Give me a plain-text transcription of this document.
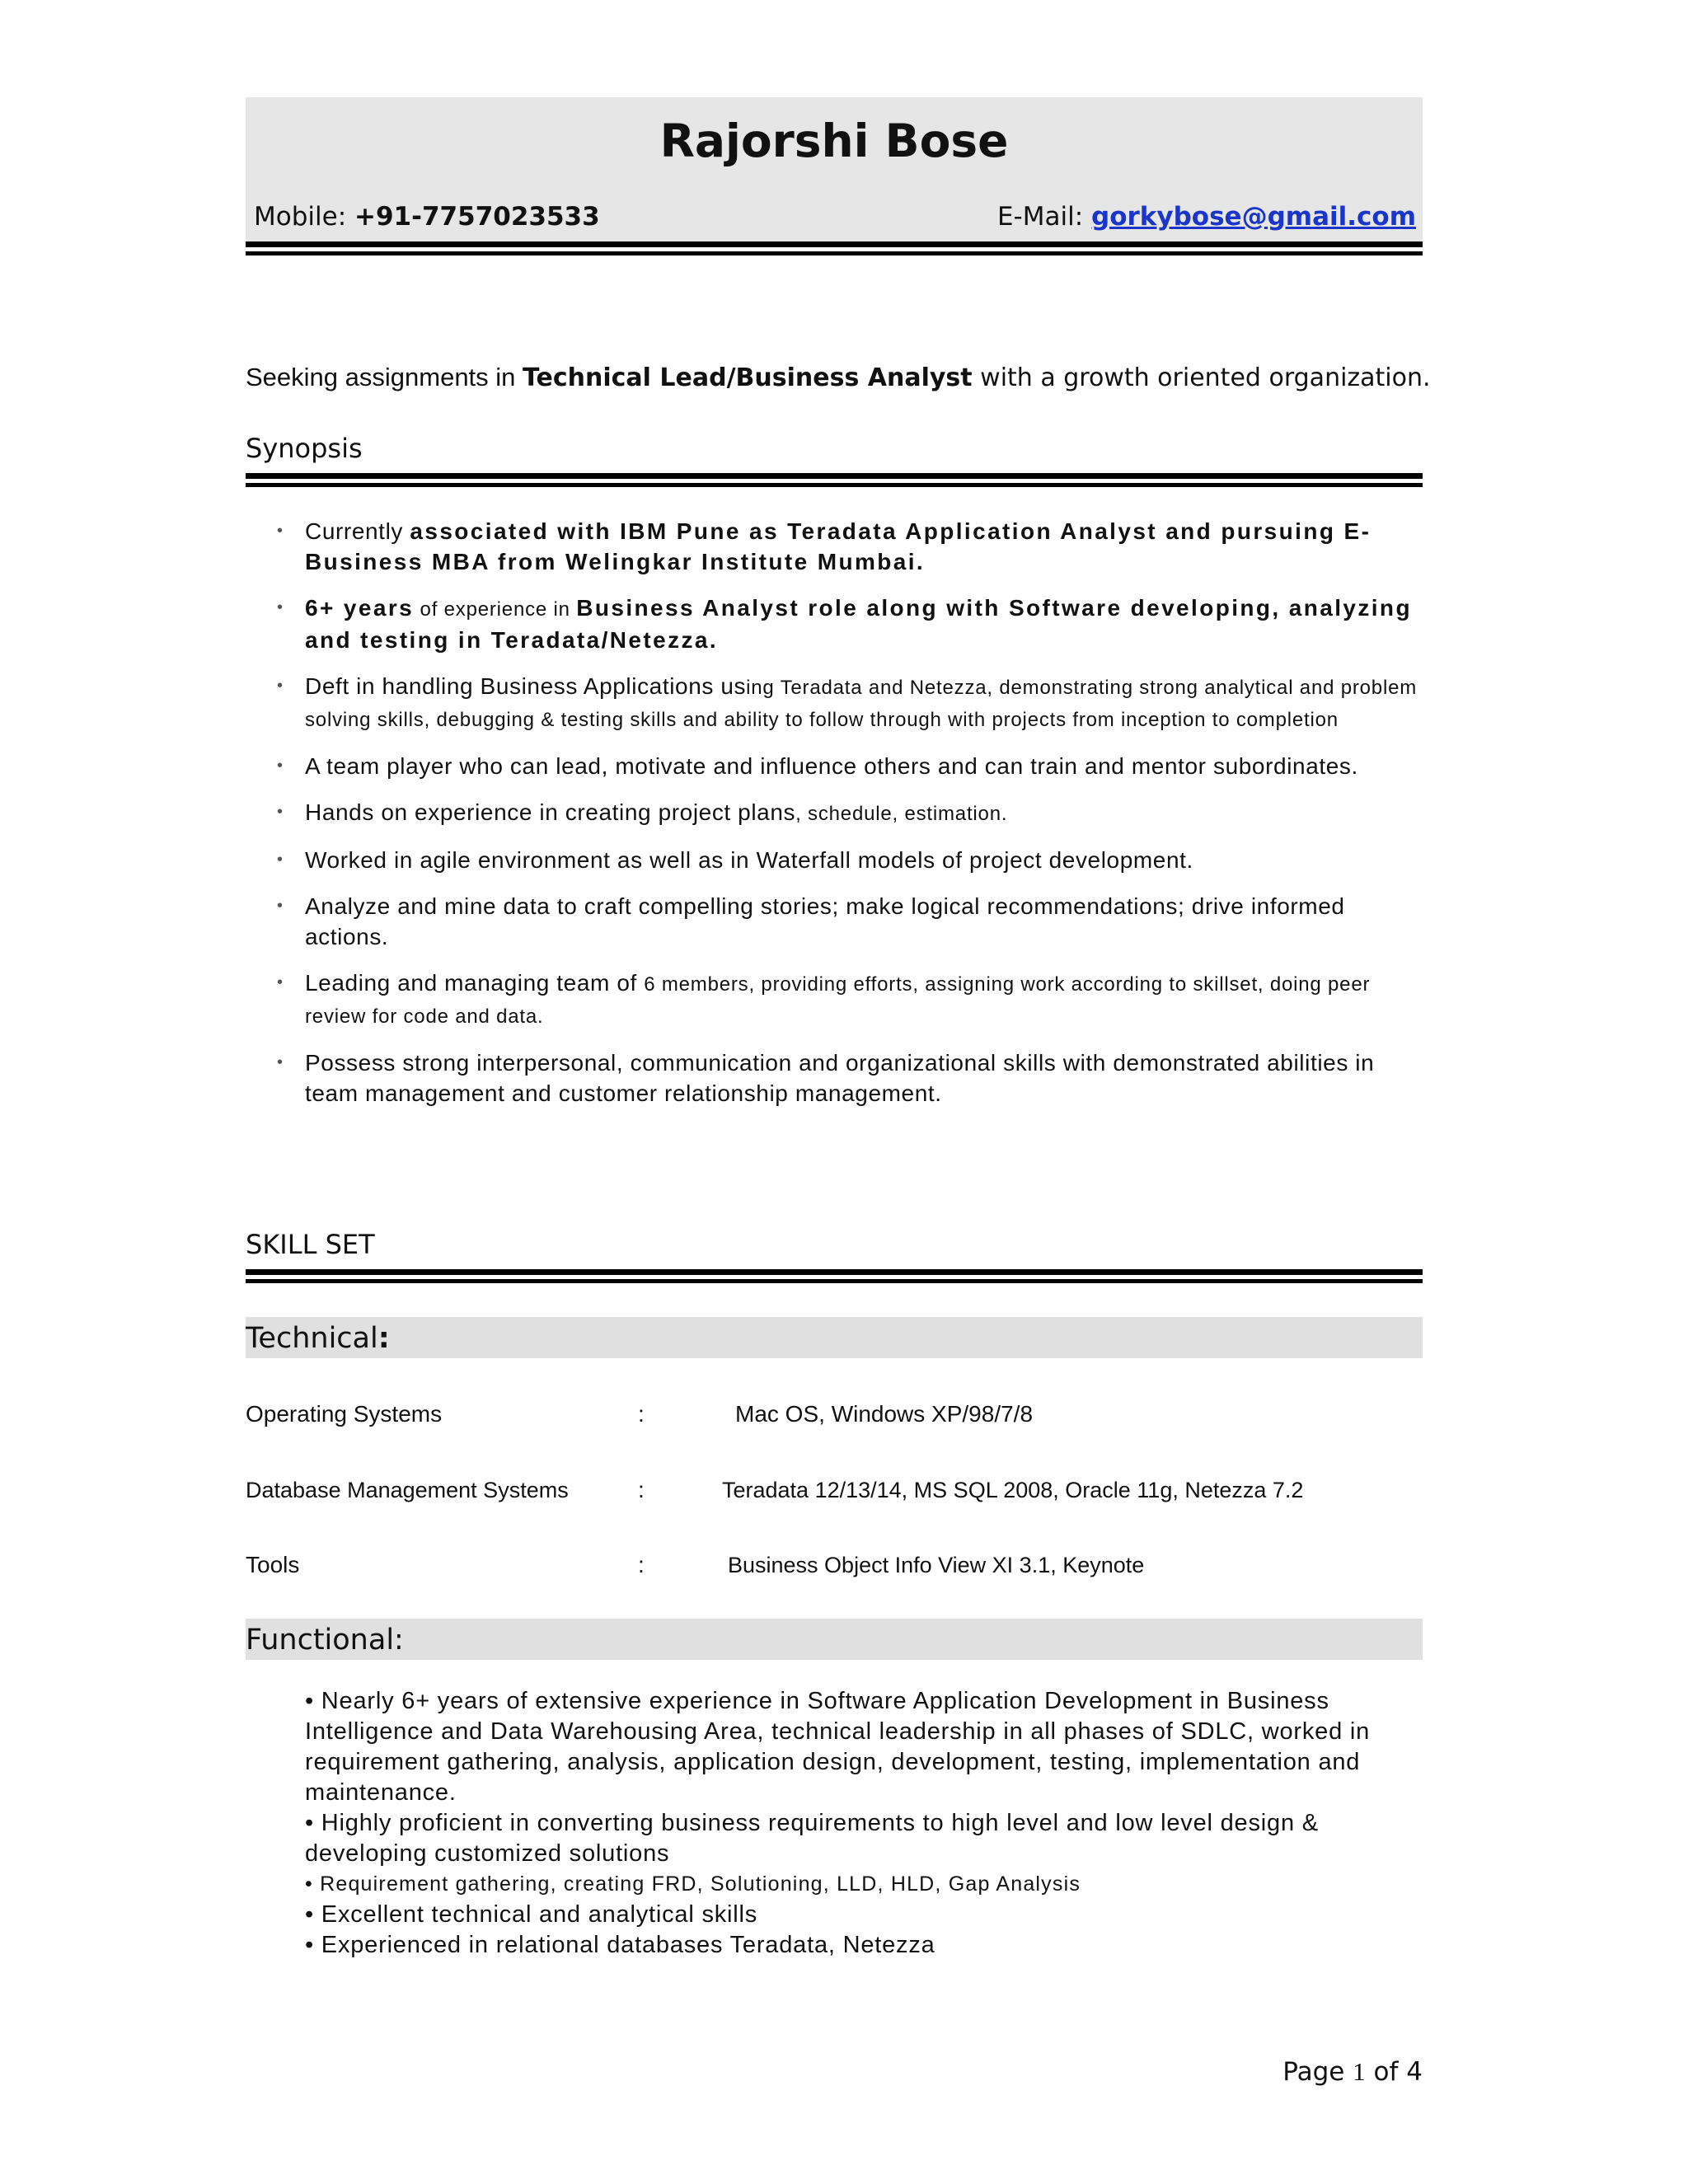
Rajorshi Bose
Mobile: +91-7757023533	E-Mail: gorkybose@gmail.com
Seeking assignments in Technical Lead/Business Analyst with a growth oriented organization.
Synopsis
• Currently associated with IBM Pune as Teradata Application Analyst and pursuing E-Business MBA from Welingkar Institute Mumbai.
• 6+ years of experience in Business Analyst role along with Software developing, analyzing and testing in Teradata/Netezza.
• Deft in handling Business Applications using Teradata and Netezza, demonstrating strong analytical and problem solving skills, debugging & testing skills and ability to follow through with projects from inception to completion
• A team player who can lead, motivate and influence others and can train and mentor subordinates.
• Hands on experience in creating project plans, schedule, estimation.
• Worked in agile environment as well as in Waterfall models of project development.
• Analyze and mine data to craft compelling stories; make logical recommendations; drive informed actions.
• Leading and managing team of 6 members, providing efforts, assigning work according to skillset, doing peer review for code and data.
• Possess strong interpersonal, communication and organizational skills with demonstrated abilities in team management and customer relationship management.
SKILL SET
Technical:
Operating Systems	:	Mac OS, Windows XP/98/7/8
Database Management Systems	:	Teradata 12/13/14, MS SQL 2008, Oracle 11g, Netezza 7.2
Tools	:	Business Object Info View XI 3.1, Keynote
Functional:
• Nearly 6+ years of extensive experience in Software Application Development in Business Intelligence and Data Warehousing Area, technical leadership in all phases of SDLC, worked in requirement gathering, analysis, application design, development, testing, implementation and maintenance.
• Highly proficient in converting business requirements to high level and low level design & developing customized solutions
• Requirement gathering, creating FRD, Solutioning, LLD, HLD, Gap Analysis
• Excellent technical and analytical skills
• Experienced in relational databases Teradata, Netezza
Page 1 of 4
